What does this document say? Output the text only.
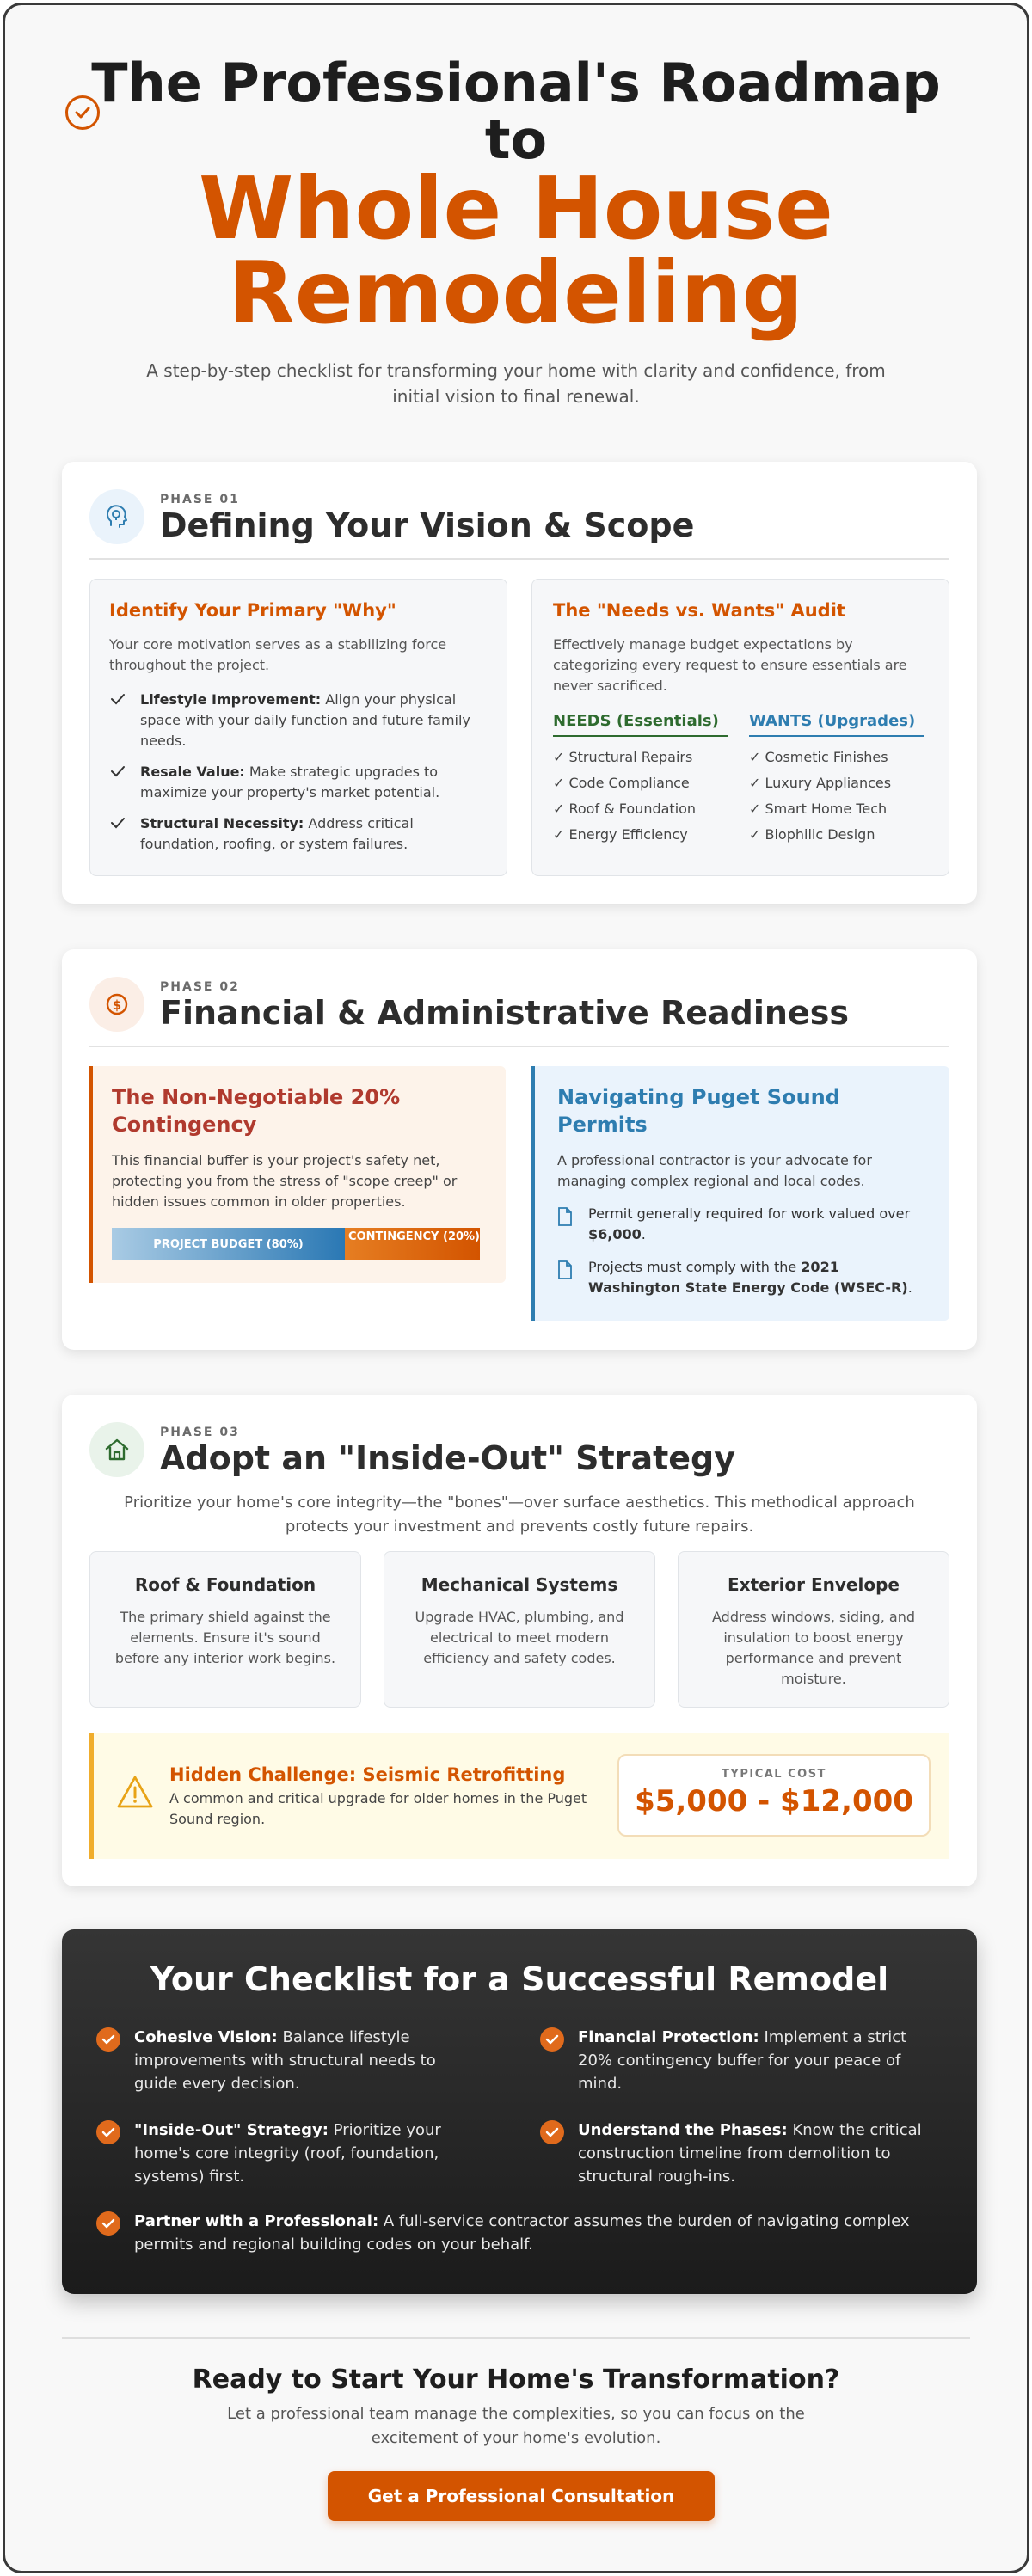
The Professional's Roadmap
to
Whole House
Remodeling
A step-by-step checklist for transforming your home with clarity and confidence, from initial vision to final renewal.
PHASE 01
Defining Your Vision & Scope
Identify Your Primary "Why"
Your core motivation serves as a stabilizing force throughout the project.
Lifestyle Improvement: Align your physical space with your daily function and future family needs.
Resale Value: Make strategic upgrades to maximize your property's market potential.
Structural Necessity: Address critical foundation, roofing, or system failures.
The "Needs vs. Wants" Audit
Effectively manage budget expectations by categorizing every request to ensure essentials are never sacrificed.
NEEDS (Essentials)
✓ Structural Repairs
✓ Code Compliance
✓ Roof & Foundation
✓ Energy Efficiency
WANTS (Upgrades)
✓ Cosmetic Finishes
✓ Luxury Appliances
✓ Smart Home Tech
✓ Biophilic Design
$
PHASE 02
Financial & Administrative Readiness
The Non-Negotiable 20% Contingency
This financial buffer is your project's safety net, protecting you from the stress of "scope creep" or hidden issues common in older properties.
PROJECT BUDGET (80%)
CONTINGENCY (20%)
Navigating Puget Sound Permits
A professional contractor is your advocate for managing complex regional and local codes.
Permit generally required for work valued over $6,000.
Projects must comply with the 2021 Washington State Energy Code (WSEC-R).
PHASE 03
Adopt an "Inside-Out" Strategy
Prioritize your home's core integrity—the "bones"—over surface aesthetics. This methodical approach protects your investment and prevents costly future repairs.
Roof & Foundation
The primary shield against the elements. Ensure it's sound before any interior work begins.
Mechanical Systems
Upgrade HVAC, plumbing, and electrical to meet modern efficiency and safety codes.
Exterior Envelope
Address windows, siding, and insulation to boost energy performance and prevent moisture.
Hidden Challenge: Seismic Retrofitting
A common and critical upgrade for older homes in the Puget Sound region.
TYPICAL COST
$5,000 - $12,000
Your Checklist for a Successful Remodel
Cohesive Vision: Balance lifestyle improvements with structural needs to guide every decision.
Financial Protection: Implement a strict 20% contingency buffer for your peace of mind.
"Inside-Out" Strategy: Prioritize your home's core integrity (roof, foundation, systems) first.
Understand the Phases: Know the critical construction timeline from demolition to structural rough-ins.
Partner with a Professional: A full-service contractor assumes the burden of navigating complex permits and regional building codes on your behalf.
Ready to Start Your Home's Transformation?
Let a professional team manage the complexities, so you can focus on the excitement of your home's evolution.
Get a Professional Consultation
